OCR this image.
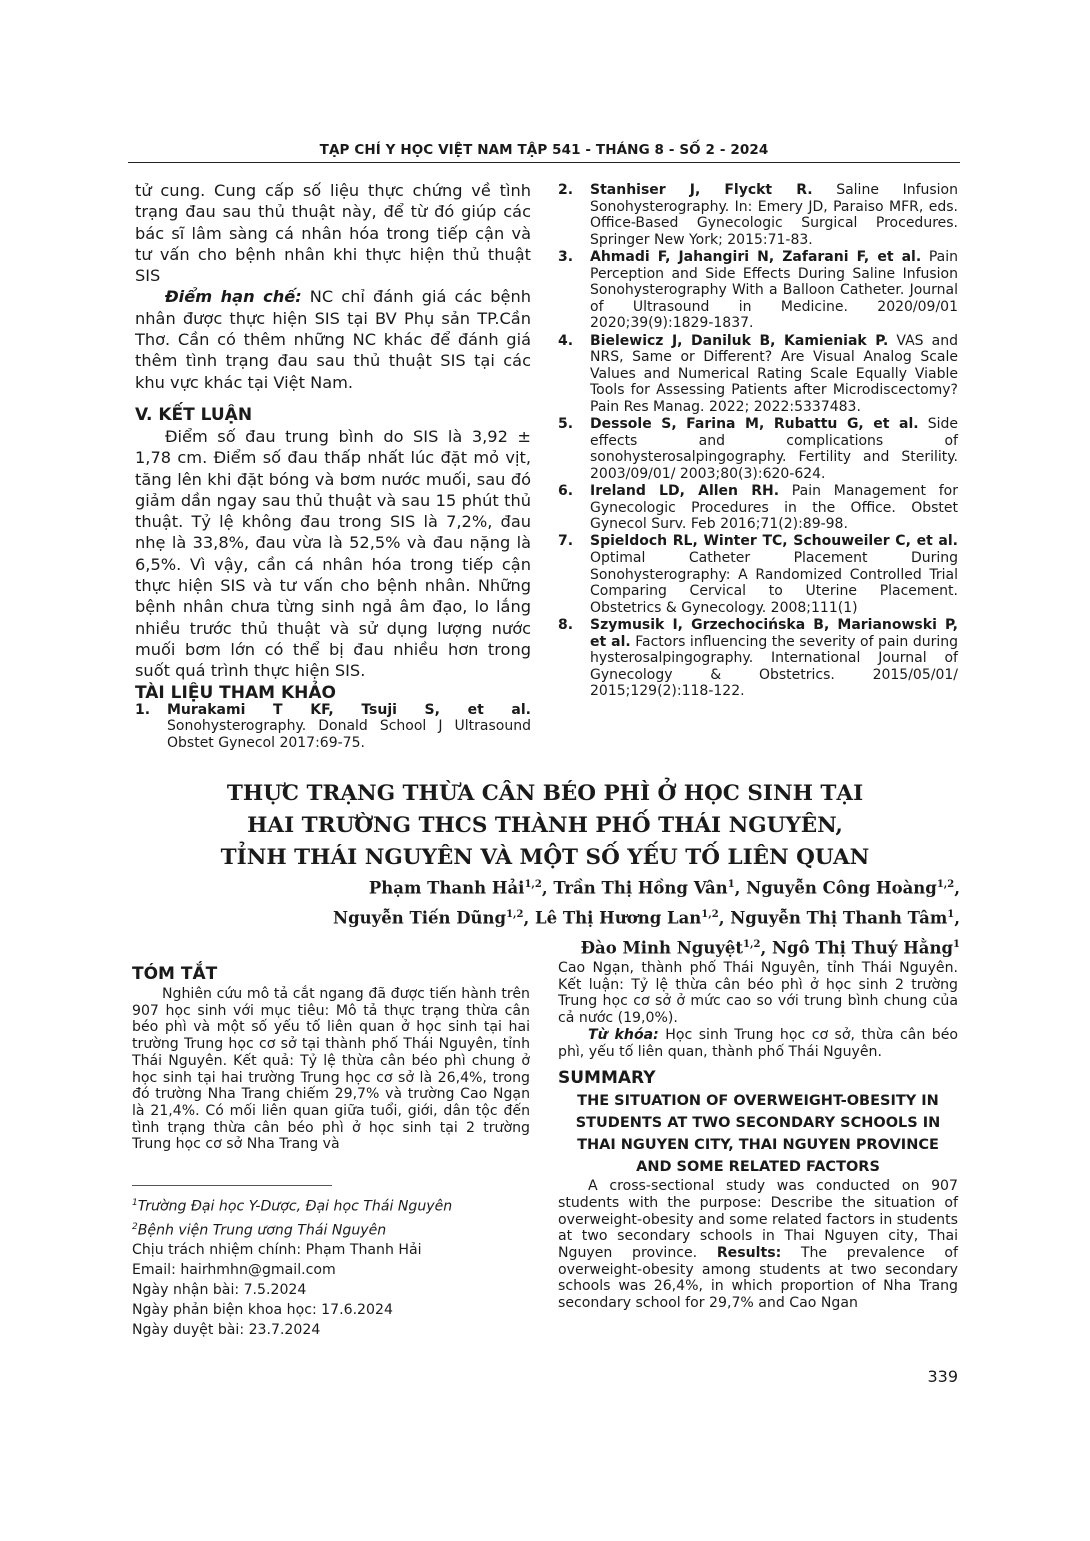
TẠP CHÍ Y HỌC VIỆT NAM TẬP 541 - THÁNG 8 - SỐ 2 - 2024

tử cung. Cung cấp số liệu thực chứng về tình trạng đau sau thủ thuật này, để từ đó giúp các bác sĩ lâm sàng cá nhân hóa trong tiếp cận và tư vấn cho bệnh nhân khi thực hiện thủ thuật SIS

Điểm hạn chế: NC chỉ đánh giá các bệnh nhân được thực hiện SIS tại BV Phụ sản TP.Cần Thơ. Cần có thêm những NC khác để đánh giá thêm tình trạng đau sau thủ thuật SIS tại các khu vực khác tại Việt Nam.

V. KẾT LUẬN

Điểm số đau trung bình do SIS là 3,92 ± 1,78 cm. Điểm số đau thấp nhất lúc đặt mỏ vịt, tăng lên khi đặt bóng và bơm nước muối, sau đó giảm dần ngay sau thủ thuật và sau 15 phút thủ thuật. Tỷ lệ không đau trong SIS là 7,2%, đau nhẹ là 33,8%, đau vừa là 52,5% và đau nặng là 6,5%. Vì vậy, cần cá nhân hóa trong tiếp cận thực hiện SIS và tư vấn cho bệnh nhân. Những bệnh nhân chưa từng sinh ngả âm đạo, lo lắng nhiều trước thủ thuật và sử dụng lượng nước muối bơm lớn có thể bị đau nhiều hơn trong suốt quá trình thực hiện SIS.

TÀI LIỆU THAM KHẢO
1.	Murakami T KF, Tsuji S, et al. Sonohysterography. Donald School J Ultrasound Obstet Gynecol 2017:69-75.
2.	Stanhiser J, Flyckt R. Saline Infusion Sonohysterography. In: Emery JD, Paraiso MFR, eds. Office-Based Gynecologic Surgical Procedures. Springer New York; 2015:71-83.
3.	Ahmadi F, Jahangiri N, Zafarani F, et al. Pain Perception and Side Effects During Saline Infusion Sonohysterography With a Balloon Catheter. Journal of Ultrasound in Medicine. 2020/09/01 2020;39(9):1829-1837.
4.	Bielewicz J, Daniluk B, Kamieniak P. VAS and NRS, Same or Different? Are Visual Analog Scale Values and Numerical Rating Scale Equally Viable Tools for Assessing Patients after Microdiscectomy? Pain Res Manag. 2022; 2022:5337483.
5.	Dessole S, Farina M, Rubattu G, et al. Side effects and complications of sonohysterosalpingography. Fertility and Sterility. 2003/09/01/ 2003;80(3):620-624.
6.	Ireland LD, Allen RH. Pain Management for Gynecologic Procedures in the Office. Obstet Gynecol Surv. Feb 2016;71(2):89-98.
7.	Spieldoch RL, Winter TC, Schouweiler C, et al. Optimal Catheter Placement During Sonohysterography: A Randomized Controlled Trial Comparing Cervical to Uterine Placement. Obstetrics & Gynecology. 2008;111(1)
8.	Szymusik I, Grzechocińska B, Marianowski P, et al. Factors influencing the severity of pain during hysterosalpingography. International Journal of Gynecology & Obstetrics. 2015/05/01/ 2015;129(2):118-122.
THỰC TRẠNG THỪA CÂN BÉO PHÌ Ở HỌC SINH TẠI
HAI TRƯỜNG THCS THÀNH PHỐ THÁI NGUYÊN,
TỈNH THÁI NGUYÊN VÀ MỘT SỐ YẾU TỐ LIÊN QUAN
Phạm Thanh Hải$^{1,2}$, Trần Thị Hồng Vân$^1$, Nguyễn Công Hoàng$^{1,2}$,
Nguyễn Tiến Dũng$^{1,2}$, Lê Thị Hương Lan$^{1,2}$, Nguyễn Thị Thanh Tâm$^1$,
Đào Minh Nguyệt$^{1,2}$, Ngô Thị Thuý Hằng$^1$
TÓM TẮT

Nghiên cứu mô tả cắt ngang đã được tiến hành trên 907 học sinh với mục tiêu: Mô tả thực trạng thừa cân béo phì và một số yếu tố liên quan ở học sinh tại hai trường Trung học cơ sở tại thành phố Thái Nguyên, tỉnh Thái Nguyên. Kết quả: Tỷ lệ thừa cân béo phì chung ở học sinh tại hai trường Trung học cơ sở là 26,4%, trong đó trường Nha Trang chiếm 29,7% và trường Cao Ngạn là 21,4%. Có mối liên quan giữa tuổi, giới, dân tộc đến tình trạng thừa cân béo phì ở học sinh tại 2 trường Trung học cơ sở Nha Trang và

$^1$Trường Đại học Y-Dược, Đại học Thái Nguyên
$^2$Bệnh viện Trung ương Thái Nguyên
Chịu trách nhiệm chính: Phạm Thanh Hải
Email: hairhmhn@gmail.com
Ngày nhận bài: 7.5.2024
Ngày phản biện khoa học: 17.6.2024
Ngày duyệt bài: 23.7.2024

Cao Ngạn, thành phố Thái Nguyên, tỉnh Thái Nguyên. Kết luận: Tỷ lệ thừa cân béo phì ở học sinh 2 trường Trung học cơ sở ở mức cao so với trung bình chung của cả nước (19,0%).

Từ khóa: Học sinh Trung học cơ sở, thừa cân béo phì, yếu tố liên quan, thành phố Thái Nguyên.

SUMMARY
THE SITUATION OF OVERWEIGHT-OBESITY IN STUDENTS AT TWO SECONDARY SCHOOLS IN THAI NGUYEN CITY, THAI NGUYEN PROVINCE AND SOME RELATED FACTORS

A cross-sectional study was conducted on 907 students with the purpose: Describe the situation of overweight-obesity and some related factors in students at two secondary schools in Thai Nguyen city, Thai Nguyen province. Results: The prevalence of overweight-obesity among students at two secondary schools was 26,4%, in which proportion of Nha Trang secondary school for 29,7% and Cao Ngan

339
